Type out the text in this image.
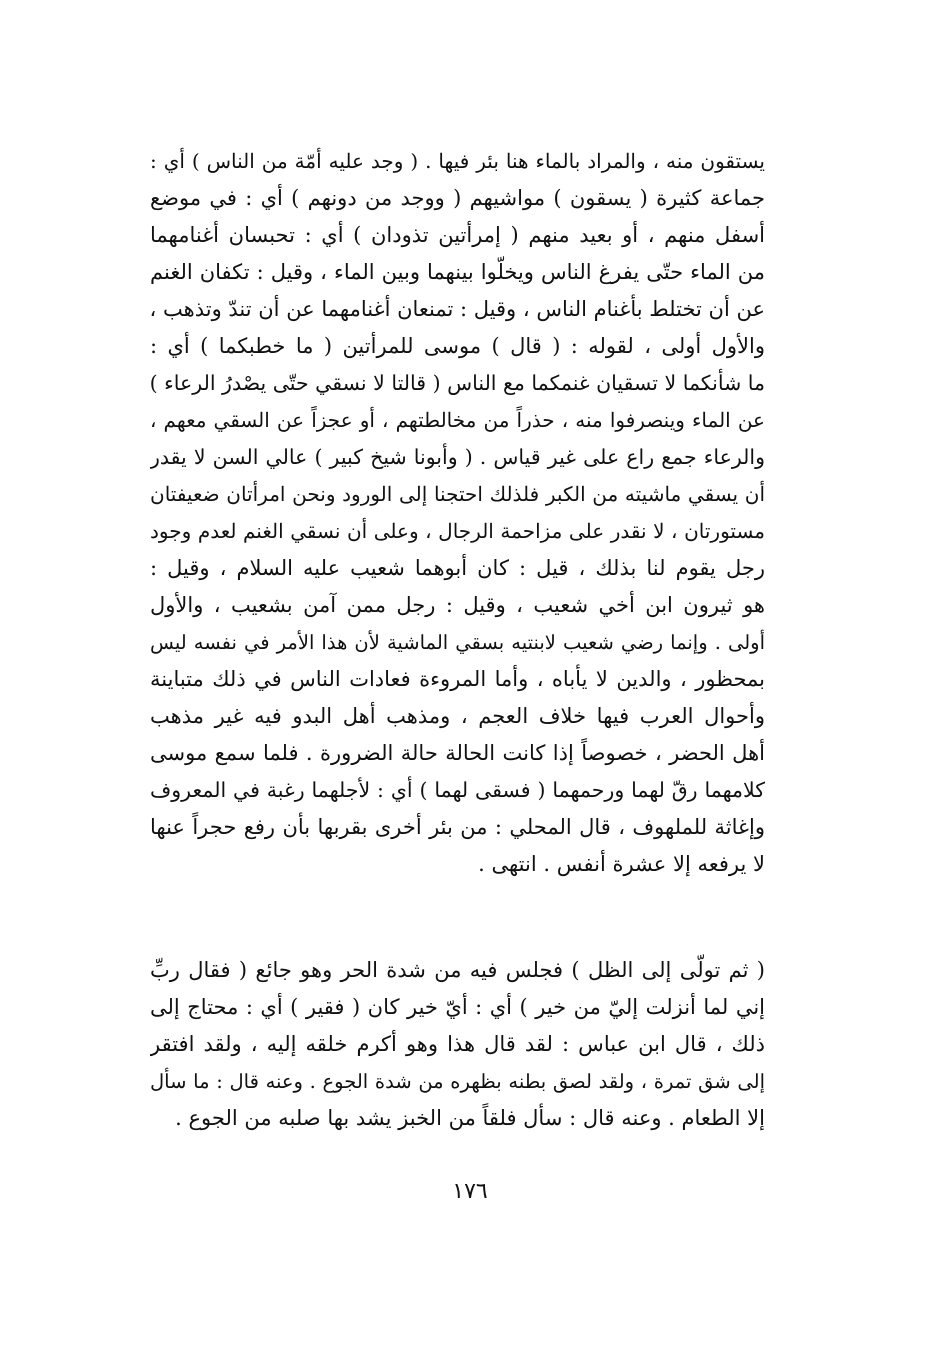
يستقون منه ، والمراد بالماء هنا بئر فيها . ( وجد عليه أمّة من الناس ) أي :
جماعة كثيرة ( يسقون ) مواشيهم ( ووجد من دونهم ) أي : في موضع
أسفل منهم ، أو بعيد منهم ( إمرأتين تذودان ) أي : تحبسان أغنامهما
من الماء حتّى يفرغ الناس ويخلّوا بينهما وبين الماء ، وقيل : تكفان الغنم
عن أن تختلط بأغنام الناس ، وقيل : تمنعان أغنامهما عن أن تندّ وتذهب ،
والأول أولى ، لقوله : ( قال ) موسى للمرأتين ( ما خطبكما ) أي :
ما شأنكما لا تسقيان غنمكما مع الناس ( قالتا لا نسقي حتّى يصْدرُ الرعاء )
عن الماء وينصرفوا منه ، حذراً من مخالطتهم ، أو عجزاً عن السقي معهم ،
والرعاء جمع راع على غير قياس . ( وأبونا شيخ كبير ) عالي السن لا يقدر
أن يسقي ماشيته من الكبر فلذلك احتجنا إلى الورود ونحن امرأتان ضعيفتان
مستورتان ، لا نقدر على مزاحمة الرجال ، وعلى أن نسقي الغنم لعدم وجود
رجل يقوم لنا بذلك ، قيل : كان أبوهما شعيب عليه السلام ، وقيل :
هو ثيرون ابن أخي شعيب ، وقيل : رجل ممن آمن بشعيب ، والأول
أولى . وإنما رضي شعيب لابنتيه بسقي الماشية لأن هذا الأمر في نفسه ليس
بمحظور ، والدين لا يأباه ، وأما المروءة فعادات الناس في ذلك متباينة
وأحوال العرب فيها خلاف العجم ، ومذهب أهل البدو فيه غير مذهب
أهل الحضر ، خصوصاً إذا كانت الحالة حالة الضرورة . فلما سمع موسى
كلامهما رقّ لهما ورحمهما ( فسقى لهما ) أي : لأجلهما رغبة في المعروف
وإغاثة للملهوف ، قال المحلي : من بئر أخرى بقربها بأن رفع حجراً عنها
لا يرفعه إلا عشرة أنفس . انتهى .
( ثم تولّى إلى الظل ) فجلس فيه من شدة الحر وهو جائع ( فقال ربِّ
إني لما أنزلت إليّ من خير ) أي : أيّ خير كان ( فقير ) أي : محتاج إلى
ذلك ، قال ابن عباس : لقد قال هذا وهو أكرم خلقه إليه ، ولقد افتقر
إلى شق تمرة ، ولقد لصق بطنه بظهره من شدة الجوع . وعنه قال : ما سأل
إلا الطعام . وعنه قال : سأل فلقاً من الخبز يشد بها صلبه من الجوع .
١٧٦
